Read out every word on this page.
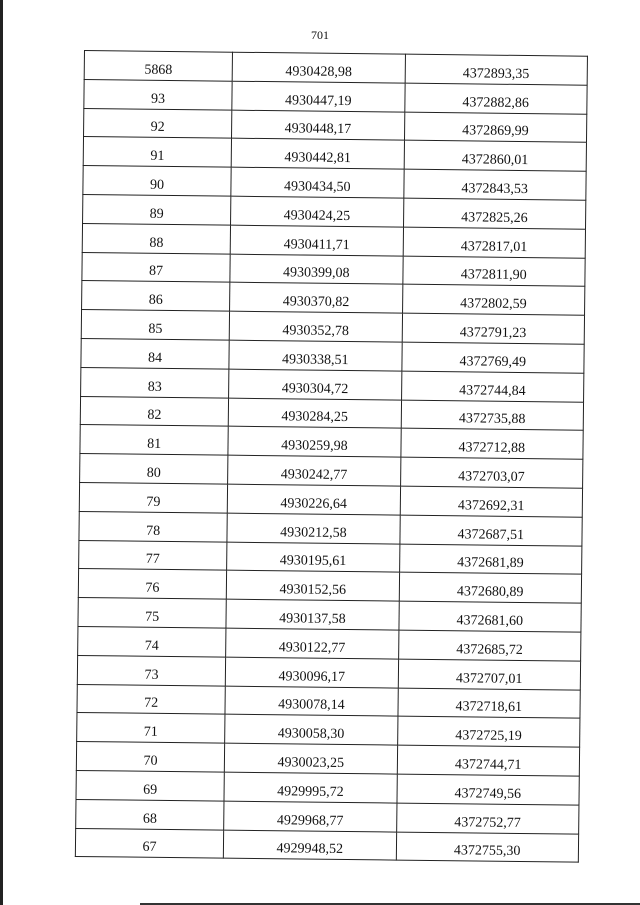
701
5868	4930428,98	4372893,35
93	4930447,19	4372882,86
92	4930448,17	4372869,99
91	4930442,81	4372860,01
90	4930434,50	4372843,53
89	4930424,25	4372825,26
88	4930411,71	4372817,01
87	4930399,08	4372811,90
86	4930370,82	4372802,59
85	4930352,78	4372791,23
84	4930338,51	4372769,49
83	4930304,72	4372744,84
82	4930284,25	4372735,88
81	4930259,98	4372712,88
80	4930242,77	4372703,07
79	4930226,64	4372692,31
78	4930212,58	4372687,51
77	4930195,61	4372681,89
76	4930152,56	4372680,89
75	4930137,58	4372681,60
74	4930122,77	4372685,72
73	4930096,17	4372707,01
72	4930078,14	4372718,61
71	4930058,30	4372725,19
70	4930023,25	4372744,71
69	4929995,72	4372749,56
68	4929968,77	4372752,77
67	4929948,52	4372755,30
